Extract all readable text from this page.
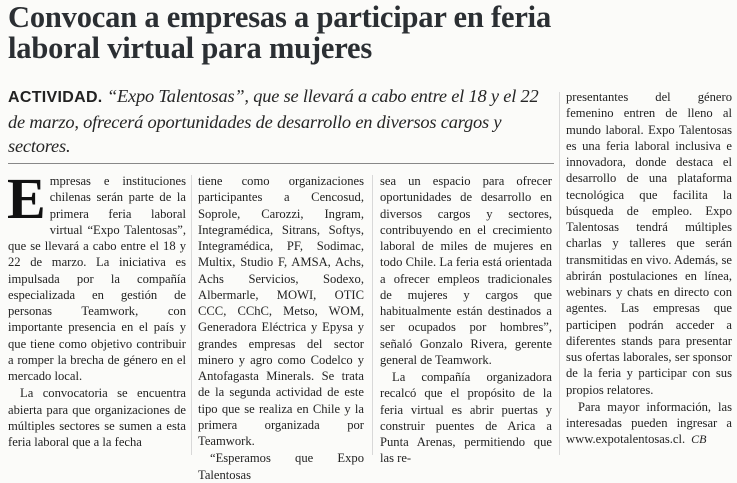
Convocan a empresas a participar en feria laboral virtual para mujeres

ACTIVIDAD. “Expo Talentosas”, que se llevará a cabo entre el 18 y el 22 de marzo, ofrecerá oportunidades de desarrollo en diversos cargos y sectores.

E mpresas e instituciones chilenas serán parte de la primera feria laboral virtual “Expo Talentosas”, que se llevará a cabo entre el 18 y 22 de marzo. La iniciativa es impulsada por la compañía especializada en gestión de personas Teamwork, con importante presencia en el país y que tiene como objetivo contribuir a romper la brecha de género en el mercado local.

La convocatoria se encuentra abierta para que organizaciones de múltiples sectores se sumen a esta feria laboral que a la fecha

tiene como organizaciones participantes a Cencosud, Soprole, Carozzi, Ingram, Integramédica, Sitrans, Softys, Integramédica, PF, Sodimac, Multix, Studio F, AMSA, Achs, Achs Servicios, Sodexo, Albermarle, MOWI, OTIC CCC, CChC, Metso, WOM, Generadora Eléctrica y Epysa y grandes empresas del sector minero y agro como Codelco y Antofagasta Minerals. Se trata de la segunda actividad de este tipo que se realiza en Chile y la primera organizada por Teamwork.

“Esperamos que Expo Talentosas

sea un espacio para ofrecer oportunidades de desarrollo en diversos cargos y sectores, contribuyendo en el crecimiento laboral de miles de mujeres en todo Chile. La feria está orientada a ofrecer empleos tradicionales de mujeres y cargos que habitualmente están destinados a ser ocupados por hombres”, señaló Gonzalo Rivera, gerente general de Teamwork.

La compañía organizadora recalcó que el propósito de la feria virtual es abrir puertas y construir puentes de Arica a Punta Arenas, permitiendo que las re-

presentantes del género femenino entren de lleno al mundo laboral. Expo Talentosas es una feria laboral inclusiva e innovadora, donde destaca el desarrollo de una plataforma tecnológica que facilita la búsqueda de empleo. Expo Talentosas tendrá múltiples charlas y talleres que serán transmitidas en vivo. Además, se abrirán postulaciones en línea, webinars y chats en directo con agentes. Las empresas que participen podrán acceder a diferentes stands para presentar sus ofertas laborales, ser sponsor de la feria y participar con sus propios relatores.

Para mayor información, las interesadas pueden ingresar a www.expotalentosas.cl. CB
